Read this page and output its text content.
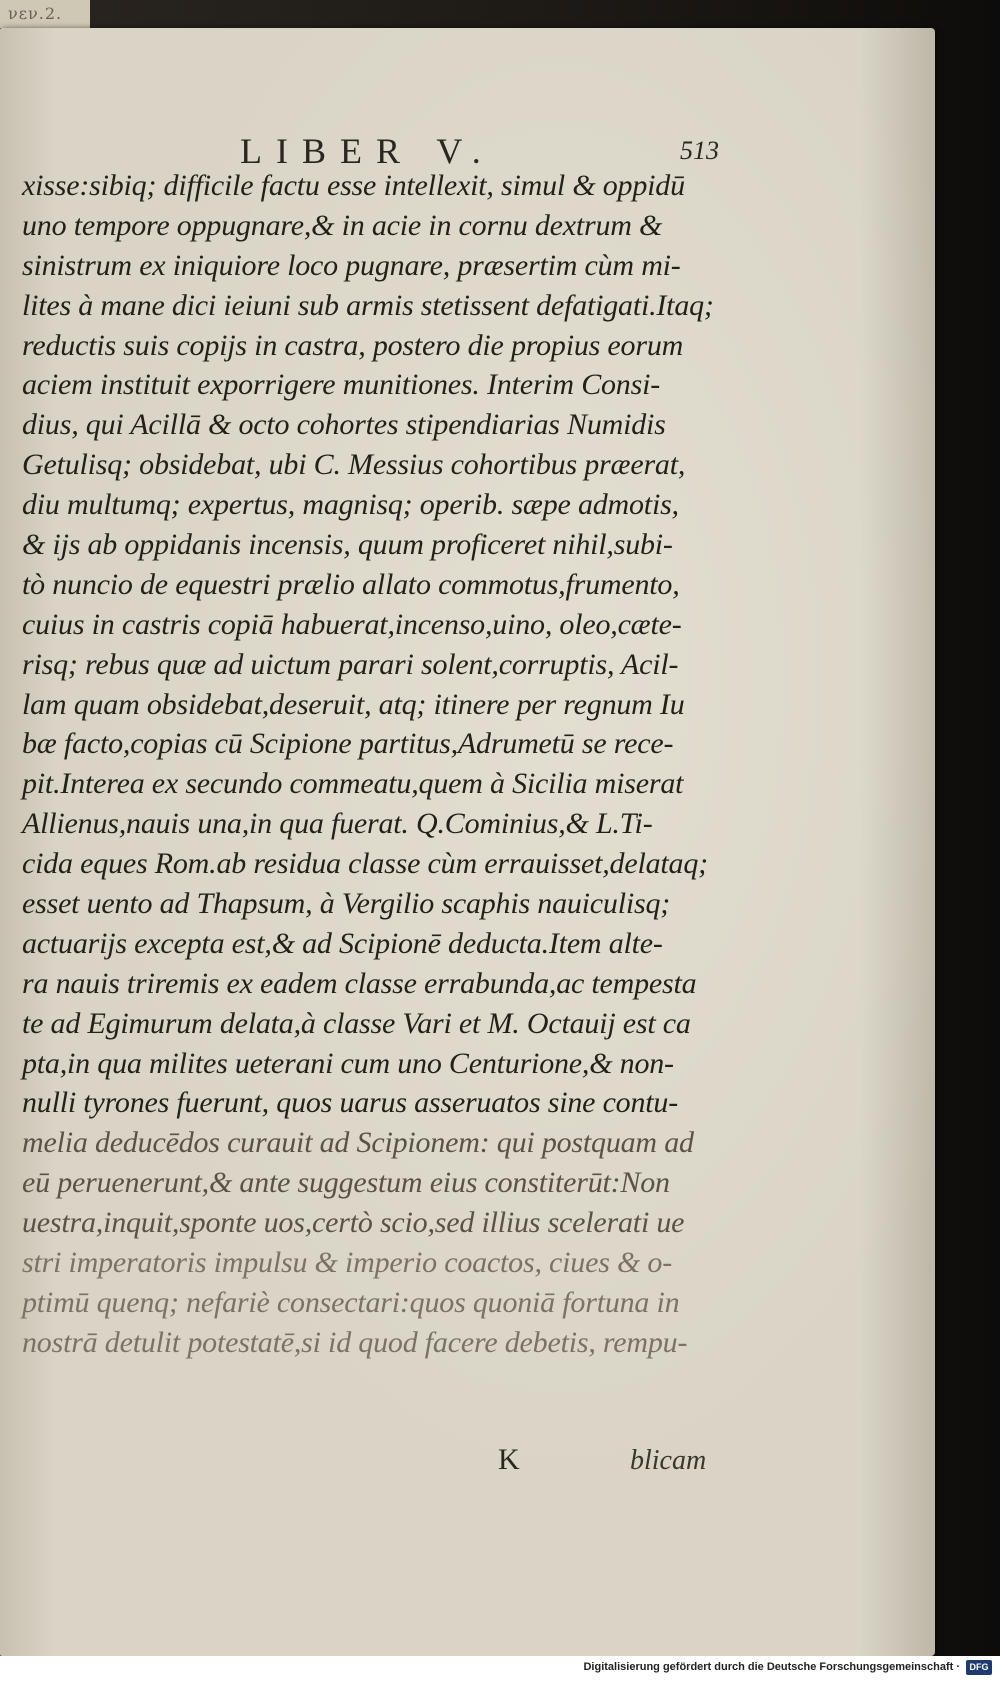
νεν.2.
LIBER V.	513
xisse:sibiq; difficile factu esse intellexit, simul & oppidū
uno tempore oppugnare,& in acie in cornu dextrum &
sinistrum ex iniquiore loco pugnare, præsertim cùm mi-
lites à mane dici ieiuni sub armis stetissent defatigati.Itaq;
reductis suis copijs in castra, postero die propius eorum
aciem instituit exporrigere munitiones. Interim Consi-
dius, qui Acillā & octo cohortes stipendiarias Numidis
Getulisq; obsidebat, ubi C. Messius cohortibus præerat,
diu multumq; expertus, magnisq; operib. sæpe admotis,
& ijs ab oppidanis incensis, quum proficeret nihil,subi-
tò nuncio de equestri prælio allato commotus,frumento,
cuius in castris copiā habuerat,incenso,uino, oleo,cæte-
risq; rebus quæ ad uictum parari solent,corruptis, Acil-
lam quam obsidebat,deseruit, atq; itinere per regnum Iu
bæ facto,copias cū Scipione partitus,Adrumetū se rece-
pit.Interea ex secundo commeatu,quem à Sicilia miserat
Allienus,nauis una,in qua fuerat. Q.Cominius,& L.Ti-
cida eques Rom.ab residua classe cùm errauisset,delataq;
esset uento ad Thapsum, à Vergilio scaphis nauiculisq;
actuarijs excepta est,& ad Scipionē deducta.Item alte-
ra nauis triremis ex eadem classe errabunda,ac tempesta
te ad Egimurum delata,à classe Vari et M. Octauij est ca
pta,in qua milites ueterani cum uno Centurione,& non-
nulli tyrones fuerunt, quos uarus asseruatos sine contu-
melia deducēdos curauit ad Scipionem: qui postquam ad
eū peruenerunt,& ante suggestum eius constiterūt:Non
uestra,inquit,sponte uos,certò scio,sed illius scelerati ue
stri imperatoris impulsu & imperio coactos, ciues & o-
ptimū quenq; nefariè consectari:quos quoniā fortuna in
nostrā detulit potestatē,si id quod facere debetis, rempu-
K	blicam
Digitalisierung gefördert durch die Deutsche Forschungsgemeinschaft ·	DFG
